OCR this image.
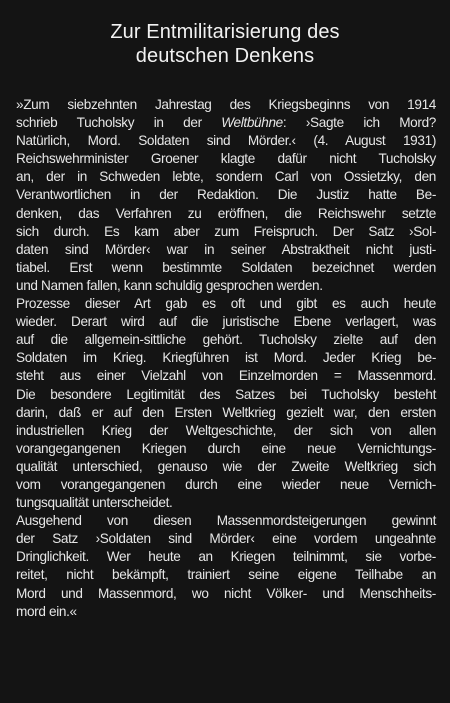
Zur Entmilitarisierung des
deutschen Denkens
»Zum siebzehnten Jahrestag des Kriegsbeginns von 1914
schrieb Tucholsky in der Weltbühne: ›Sagte ich Mord?
Natürlich, Mord. Soldaten sind Mörder.‹ (4. August 1931)
Reichswehrminister Groener klagte dafür nicht Tucholsky
an, der in Schweden lebte, sondern Carl von Ossietzky, den
Verantwortlichen in der Redaktion. Die Justiz hatte Be-
denken, das Verfahren zu eröffnen, die Reichswehr setzte
sich durch. Es kam aber zum Freispruch. Der Satz ›Sol-
daten sind Mörder‹ war in seiner Abstraktheit nicht justi-
tiabel. Erst wenn bestimmte Soldaten bezeichnet werden
und Namen fallen, kann schuldig gesprochen werden.
Prozesse dieser Art gab es oft und gibt es auch heute
wieder. Derart wird auf die juristische Ebene verlagert, was
auf die allgemein-sittliche gehört. Tucholsky zielte auf den
Soldaten im Krieg. Kriegführen ist Mord. Jeder Krieg be-
steht aus einer Vielzahl von Einzelmorden = Massenmord.
Die besondere Legitimität des Satzes bei Tucholsky besteht
darin, daß er auf den Ersten Weltkrieg gezielt war, den ersten
industriellen Krieg der Weltgeschichte, der sich von allen
vorangegangenen Kriegen durch eine neue Vernichtungs-
qualität unterschied, genauso wie der Zweite Weltkrieg sich
vom vorangegangenen durch eine wieder neue Vernich-
tungsqualität unterscheidet.
Ausgehend von diesen Massenmordsteigerungen gewinnt
der Satz ›Soldaten sind Mörder‹ eine vordem ungeahnte
Dringlichkeit. Wer heute an Kriegen teilnimmt, sie vorbe-
reitet, nicht bekämpft, trainiert seine eigene Teilhabe an
Mord und Massenmord, wo nicht Völker- und Menschheits-
mord ein.«
